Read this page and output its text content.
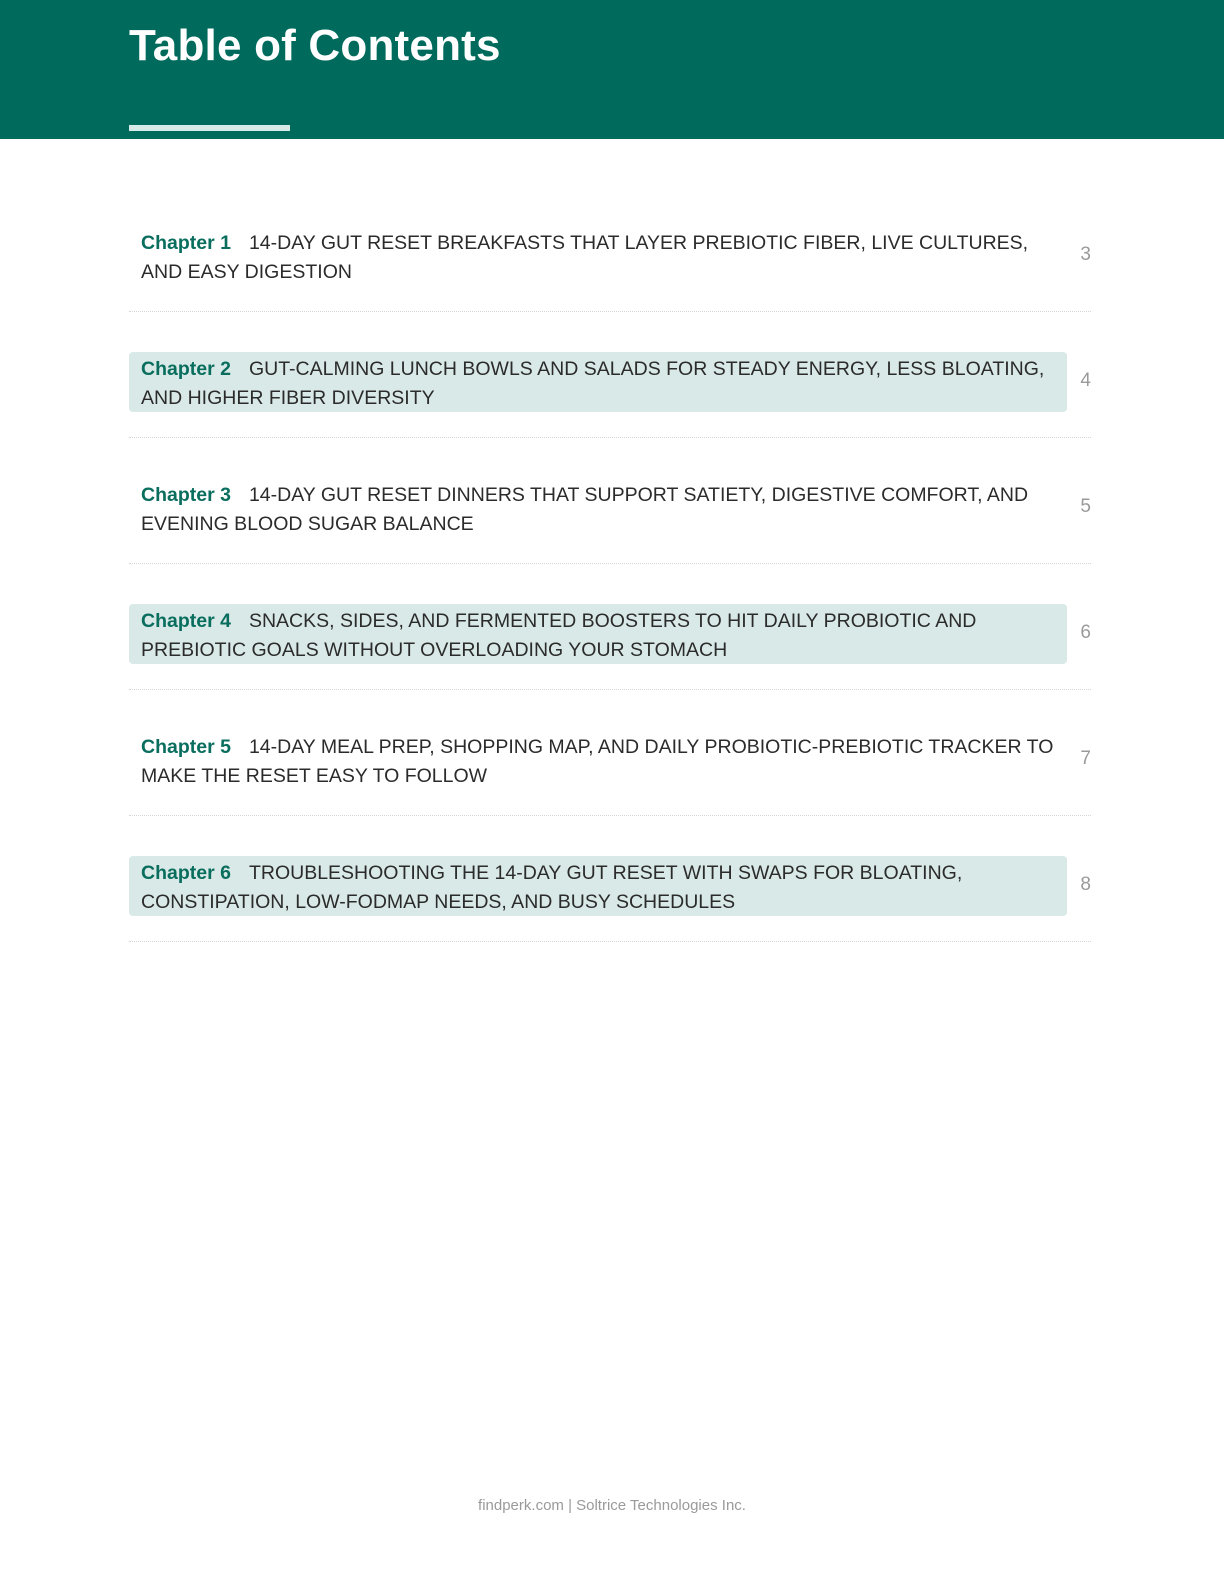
Table of Contents
Chapter 1 14-DAY GUT RESET BREAKFASTS THAT LAYER PREBIOTIC FIBER, LIVE CULTURES, AND EASY DIGESTION
3
Chapter 2 GUT-CALMING LUNCH BOWLS AND SALADS FOR STEADY ENERGY, LESS BLOATING, AND HIGHER FIBER DIVERSITY
4
Chapter 3 14-DAY GUT RESET DINNERS THAT SUPPORT SATIETY, DIGESTIVE COMFORT, AND EVENING BLOOD SUGAR BALANCE
5
Chapter 4 SNACKS, SIDES, AND FERMENTED BOOSTERS TO HIT DAILY PROBIOTIC AND PREBIOTIC GOALS WITHOUT OVERLOADING YOUR STOMACH
6
Chapter 5 14-DAY MEAL PREP, SHOPPING MAP, AND DAILY PROBIOTIC-PREBIOTIC TRACKER TO MAKE THE RESET EASY TO FOLLOW
7
Chapter 6 TROUBLESHOOTING THE 14-DAY GUT RESET WITH SWAPS FOR BLOATING, CONSTIPATION, LOW-FODMAP NEEDS, AND BUSY SCHEDULES
8
findperk.com | Soltrice Technologies Inc.
